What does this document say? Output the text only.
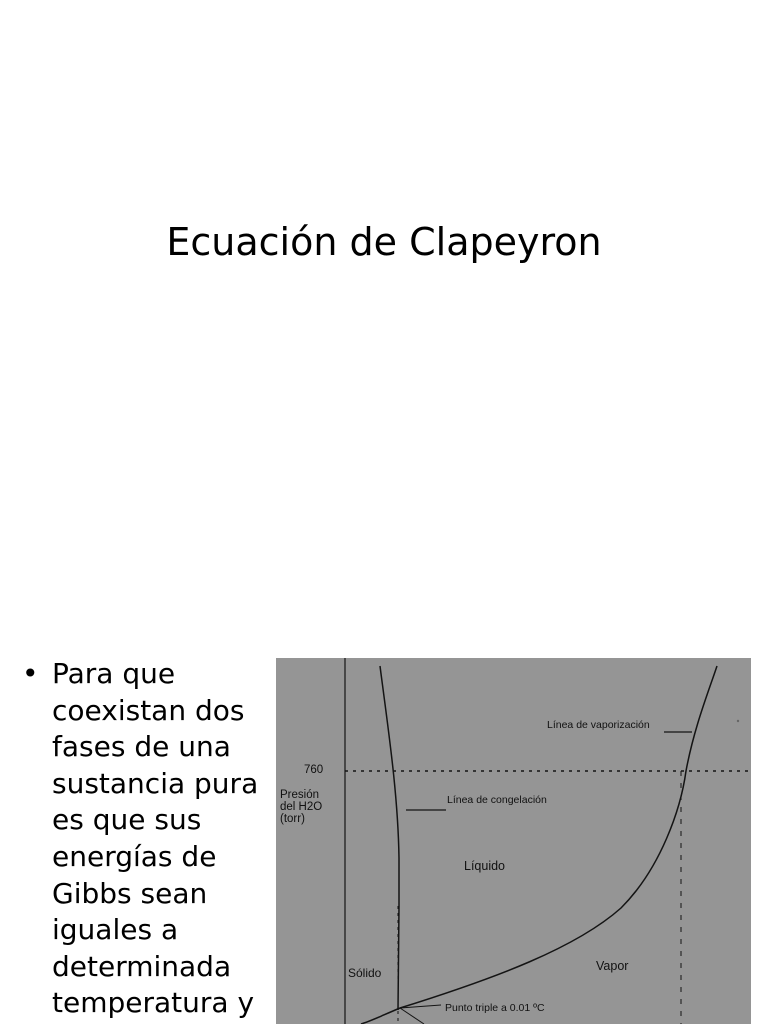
Ecuación de Clapeyron
• Para que
coexistan dos
fases de una
sustancia pura
es que sus
energías de
Gibbs sean
iguales a
determinada
temperatura y
760
Presión
del H2O
(torr)
Línea de vaporización
Línea de congelación
Líquido
Vapor
Sólido
Punto triple a 0.01 ºC
